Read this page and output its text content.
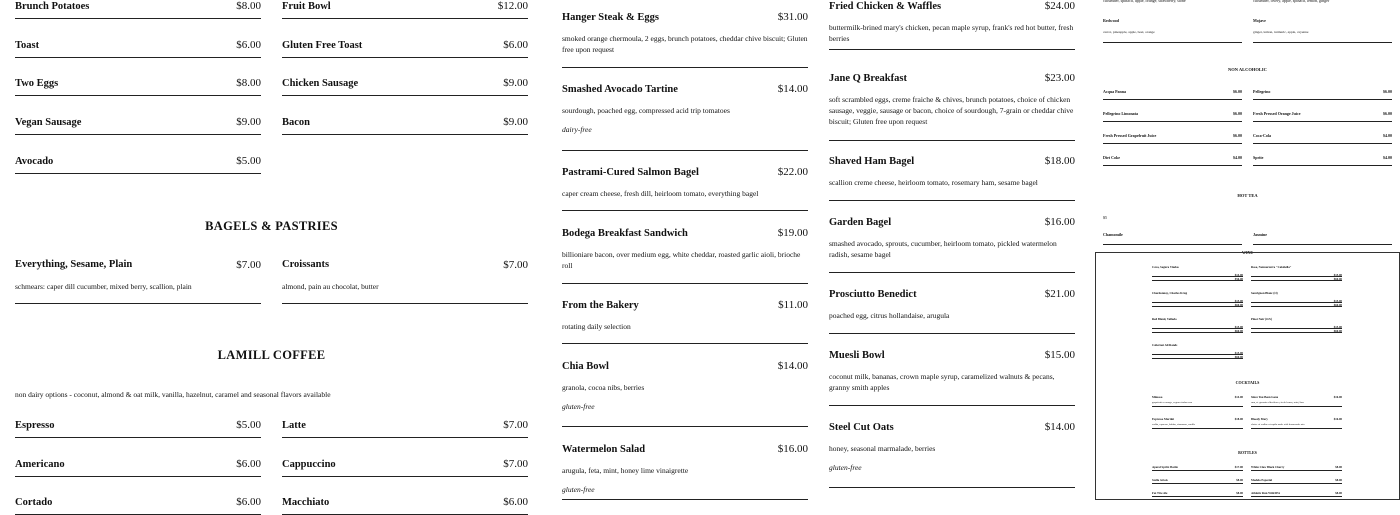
Brunch Potatoes	$8.00
Toast	$6.00
Two Eggs	$8.00
Vegan Sausage	$9.00
Avocado	$5.00
Fruit Bowl	$12.00
Gluten Free Toast	$6.00
Chicken Sausage	$9.00
Bacon	$9.00
BAGELS & PASTRIES
Everything, Sesame, Plain	$7.00
schmears: caper dill cucumber, mixed berry, scallion, plain
Croissants	$7.00
almond, pain au chocolat, butter
LAMILL COFFEE
non dairy options - coconut, almond & oat milk, vanilla, hazelnut, caramel and seasonal flavors available
Espresso	$5.00
Americano	$6.00
Cortado	$6.00
Latte	$7.00
Cappuccino	$7.00
Macchiato	$6.00
Hanger Steak & Eggs	$31.00
smoked orange chermoula, 2 eggs, brunch potatoes, cheddar chive biscuit; Gluten free upon request
Smashed Avocado Tartine	$14.00
sourdough, poached egg, compressed acid trip tomatoes
dairy-free
Pastrami-Cured Salmon Bagel	$22.00
caper cream cheese, fresh dill, heirloom tomato, everything bagel
Bodega Breakfast Sandwich	$19.00
billioniare bacon, over medium egg, white cheddar, roasted garlic aioli, brioche roll
From the Bakery	$11.00
rotating daily selection
Chia Bowl	$14.00
granola, cocoa nibs, berries
gluten-free
Watermelon Salad	$16.00
arugula, feta, mint, honey lime vinaigrette
gluten-free
Fried Chicken & Waffles	$24.00
buttermilk-brined mary's chicken, pecan maple syrup, frank's red hot butter, fresh berries
Jane Q Breakfast	$23.00
soft scrambled eggs, creme fraiche & chives, brunch potatoes, choice of chicken sausage, veggie, sausage or bacon, choice of sourdough, 7-grain or cheddar chive biscuit; Gluten free upon request
Shaved Ham Bagel	$18.00
scallion creme cheese, heirloom tomato, rosemary ham, sesame bagel
Garden Bagel	$16.00
smashed avocado, sprouts, cucumber, heirloom tomato, pickled watermelon radish, sesame bagel
Prosciutto Benedict	$21.00
poached egg, citrus hollandaise, arugula
Muesli Bowl	$15.00
coconut milk, bananas, crown maple syrup, caramelized walnuts & pecans, granny smith apples
Steel Cut Oats	$14.00
honey, seasonal marmalade, berries
gluten-free
cucumber, spinach, apple, orange, strawberry, stone	cucumber, celery, apple, spinach, lemon, ginger
Redwood
carrot, pineapple, apple, beet, orange
Mojave
ginger, lemon, turmeric, apple, cayenne
NON ALCOHOLIC
Acqua Panna	$6.00
Pellegrino Limonata	$6.00
Fresh Pressed Grapefruit Juice	$6.00
Diet Coke	$4.00
Pellegrino	$6.00
Fresh Pressed Orange Juice	$6.00
Coca-Cola	$4.00
Sprite	$4.00
HOT TEA
$5
Chamomile	Jasmine
WINE
Cava, Segura Viudas
$14.00
$56.00
Chardonnay, Charles Krug
$15.00
$60.00
Red Blend, Vallado
$15.00
$60.00
Cabernet Ali Rands
$15.00
$60.00
Rose, Notmarterra "Calabella"
$15.00
$60.00
Sauvignon Blanc (O)
$15.00
$60.00
Pinot Noir (O/S)
$15.00
$60.00
COCKTAILS
Mimosa	$14.00
grapefruit or orange, segura viudas cava
Espresso Martini	$18.00
vodka, espresso, kahlua, cinnamon, vanilla
Since You Been Gone	$16.00
rum, st. germain elderflower, fresh lemon, mint, lime
Bloody Mary	$16.00
choice of vodka or tequila made with housemade mix
BOTTLES
Aperol Spritz Bottle	$17.00
Stella Artois	$8.00
Fat Tire Ale	$8.00
White Claw Black Cherry	$8.00
Modelo Especial	$8.00
Athletic Run Wild IPA	$8.00
